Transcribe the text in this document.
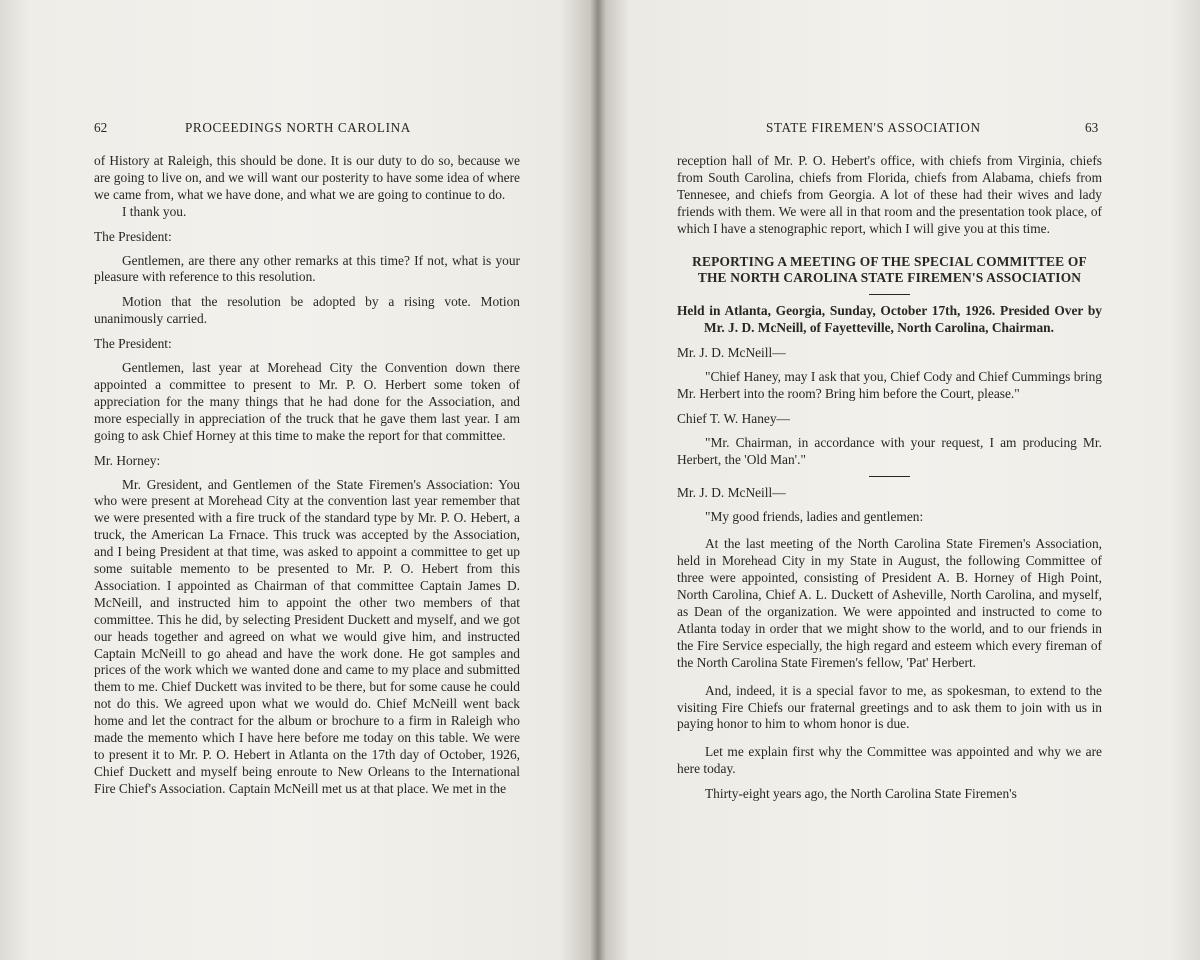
62	PROCEEDINGS NORTH CAROLINA

of History at Raleigh, this should be done. It is our duty to do so, because we are going to live on, and we will want our posterity to have some idea of where we came from, what we have done, and what we are going to continue to do.

I thank you.

The President:

Gentlemen, are there any other remarks at this time? If not, what is your pleasure with reference to this resolution.

Motion that the resolution be adopted by a rising vote. Motion unanimously carried.

The President:

Gentlemen, last year at Morehead City the Convention down there appointed a committee to present to Mr. P. O. Herbert some token of appreciation for the many things that he had done for the Association, and more especially in appreciation of the truck that he gave them last year. I am going to ask Chief Horney at this time to make the report for that committee.

Mr. Horney:

Mr. Gresident, and Gentlemen of the State Firemen's Association: You who were present at Morehead City at the convention last year remember that we were presented with a fire truck of the standard type by Mr. P. O. Hebert, a truck, the American La Frnace. This truck was accepted by the Association, and I being President at that time, was asked to appoint a committee to get up some suitable memento to be presented to Mr. P. O. Hebert from this Association. I appointed as Chairman of that committee Captain James D. McNeill, and instructed him to appoint the other two members of that committee. This he did, by selecting President Duckett and myself, and we got our heads together and agreed on what we would give him, and instructed Captain McNeill to go ahead and have the work done. He got samples and prices of the work which we wanted done and came to my place and submitted them to me. Chief Duckett was invited to be there, but for some cause he could not do this. We agreed upon what we would do. Chief McNeill went back home and let the contract for the album or brochure to a firm in Raleigh who made the memento which I have here before me today on this table. We were to present it to Mr. P. O. Hebert in Atlanta on the 17th day of October, 1926, Chief Duckett and myself being enroute to New Orleans to the International Fire Chief's Association. Captain McNeill met us at that place. We met in the

STATE FIREMEN'S ASSOCIATION	63

reception hall of Mr. P. O. Hebert's office, with chiefs from Virginia, chiefs from South Carolina, chiefs from Florida, chiefs from Alabama, chiefs from Tennesee, and chiefs from Georgia. A lot of these had their wives and lady friends with them. We were all in that room and the presentation took place, of which I have a stenographic report, which I will give you at this time.

REPORTING A MEETING OF THE SPECIAL COMMITTEE OF
THE NORTH CAROLINA STATE FIREMEN'S ASSOCIATION

Held in Atlanta, Georgia, Sunday, October 17th, 1926. Presided Over by Mr. J. D. McNeill, of Fayetteville, North Carolina, Chairman.

Mr. J. D. McNeill—

"Chief Haney, may I ask that you, Chief Cody and Chief Cummings bring Mr. Herbert into the room? Bring him before the Court, please."

Chief T. W. Haney—

"Mr. Chairman, in accordance with your request, I am producing Mr. Herbert, the 'Old Man'."

Mr. J. D. McNeill—

"My good friends, ladies and gentlemen:

At the last meeting of the North Carolina State Firemen's Association, held in Morehead City in my State in August, the following Committee of three were appointed, consisting of President A. B. Horney of High Point, North Carolina, Chief A. L. Duckett of Asheville, North Carolina, and myself, as Dean of the organization. We were appointed and instructed to come to Atlanta today in order that we might show to the world, and to our friends in the Fire Service especially, the high regard and esteem which every fireman of the North Carolina State Firemen's fellow, 'Pat' Herbert.

And, indeed, it is a special favor to me, as spokesman, to extend to the visiting Fire Chiefs our fraternal greetings and to ask them to join with us in paying honor to him to whom honor is due.

Let me explain first why the Committee was appointed and why we are here today.

Thirty-eight years ago, the North Carolina State Firemen's
